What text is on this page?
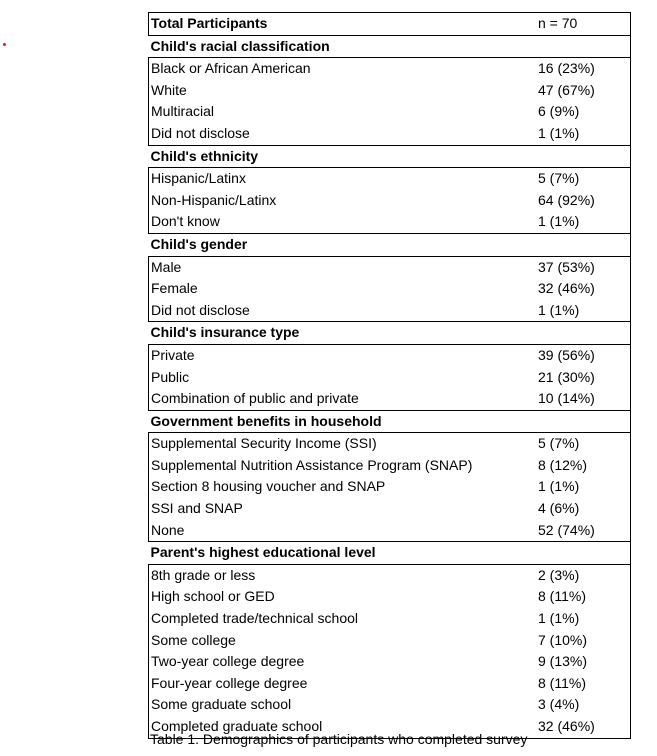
Total Participants	n = 70
Child's racial classification	
Black or African American	16 (23%)
White	47 (67%)
Multiracial	6 (9%)
Did not disclose	1 (1%)
Child's ethnicity	
Hispanic/Latinx	5 (7%)
Non-Hispanic/Latinx	64 (92%)
Don't know	1 (1%)
Child's gender	
Male	37 (53%)
Female	32 (46%)
Did not disclose	1 (1%)
Child's insurance type	
Private	39 (56%)
Public	21 (30%)
Combination of public and private	10 (14%)
Government benefits in household	
Supplemental Security Income (SSI)	5 (7%)
Supplemental Nutrition Assistance Program (SNAP)	8 (12%)
Section 8 housing voucher and SNAP	1 (1%)
SSI and SNAP	4 (6%)
None	52 (74%)
Parent's highest educational level	
8th grade or less	2 (3%)
High school or GED	8 (11%)
Completed trade/technical school	1 (1%)
Some college	7 (10%)
Two-year college degree	9 (13%)
Four-year college degree	8 (11%)
Some graduate school	3 (4%)
Completed graduate school	32 (46%)
Table 1. Demographics of participants who completed survey
